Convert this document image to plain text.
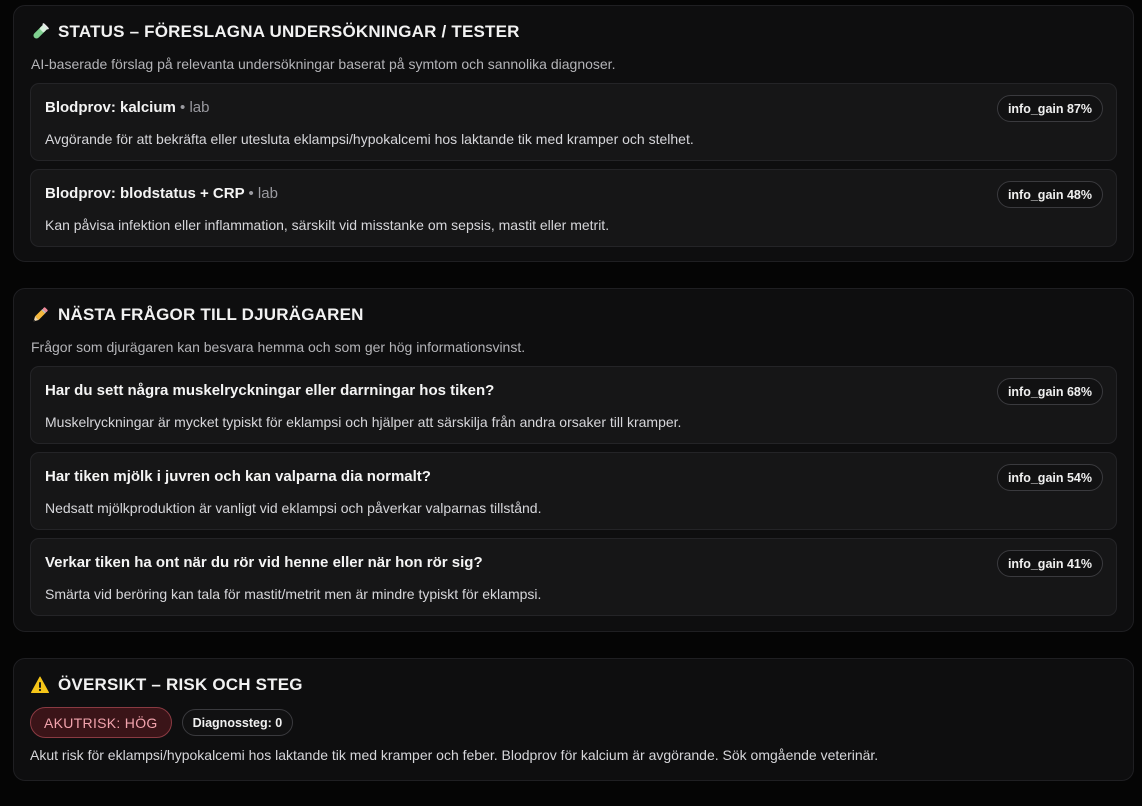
STATUS – FÖRESLAGNA UNDERSÖKNINGAR / TESTER
AI-baserade förslag på relevanta undersökningar baserat på symtom och sannolika diagnoser.
Blodprov: kalcium • lab	info_gain 87%
Avgörande för att bekräfta eller utesluta eklampsi/hypokalcemi hos laktande tik med kramper och stelhet.
Blodprov: blodstatus + CRP • lab	info_gain 48%
Kan påvisa infektion eller inflammation, särskilt vid misstanke om sepsis, mastit eller metrit.
NÄSTA FRÅGOR TILL DJURÄGAREN
Frågor som djurägaren kan besvara hemma och som ger hög informationsvinst.
Har du sett några muskelryckningar eller darrningar hos tiken?	info_gain 68%
Muskelryckningar är mycket typiskt för eklampsi och hjälper att särskilja från andra orsaker till kramper.
Har tiken mjölk i juvren och kan valparna dia normalt?	info_gain 54%
Nedsatt mjölkproduktion är vanligt vid eklampsi och påverkar valparnas tillstånd.
Verkar tiken ha ont när du rör vid henne eller när hon rör sig?	info_gain 41%
Smärta vid beröring kan tala för mastit/metrit men är mindre typiskt för eklampsi.
ÖVERSIKT – RISK OCH STEG
AKUTRISK: HÖG	Diagnossteg: 0
Akut risk för eklampsi/hypokalcemi hos laktande tik med kramper och feber. Blodprov för kalcium är avgörande. Sök omgående veterinär.
